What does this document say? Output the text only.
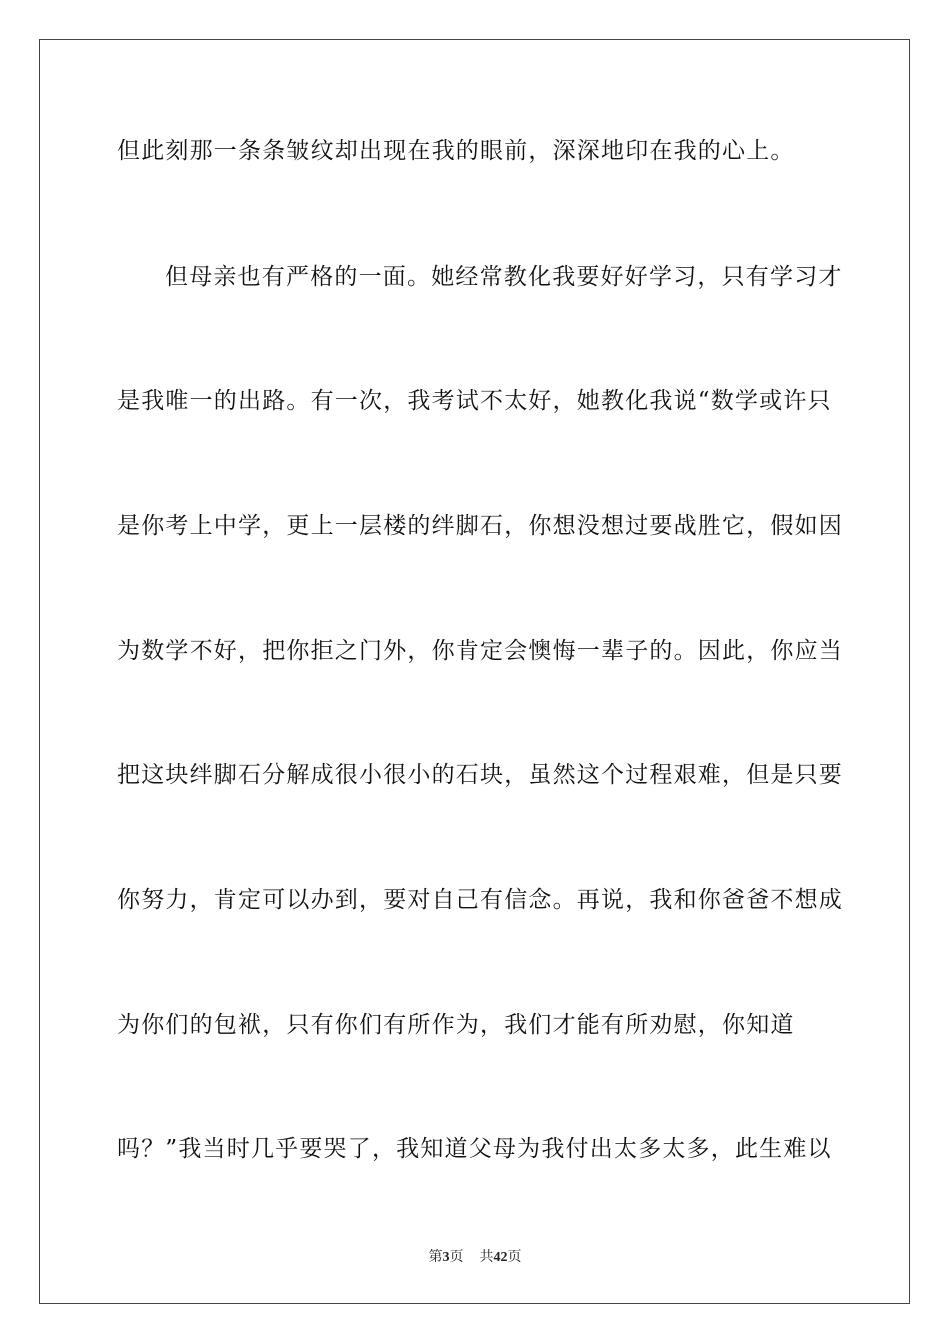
但此刻那一条条皱纹却出现在我的眼前，深深地印在我的心上。
但母亲也有严格的一面。她经常教化我要好好学习，只有学习才
是我唯一的出路。有一次，我考试不太好，她教化我说“数学或许只
是你考上中学，更上一层楼的绊脚石，你想没想过要战胜它，假如因
为数学不好，把你拒之门外，你肯定会懊悔一辈子的。因此，你应当
把这块绊脚石分解成很小很小的石块，虽然这个过程艰难，但是只要
你努力，肯定可以办到，要对自己有信念。再说，我和你爸爸不想成
为你们的包袱，只有你们有所作为，我们才能有所劝慰，你知道
吗？”我当时几乎要哭了，我知道父母为我付出太多太多，此生难以
第3页 共42页
